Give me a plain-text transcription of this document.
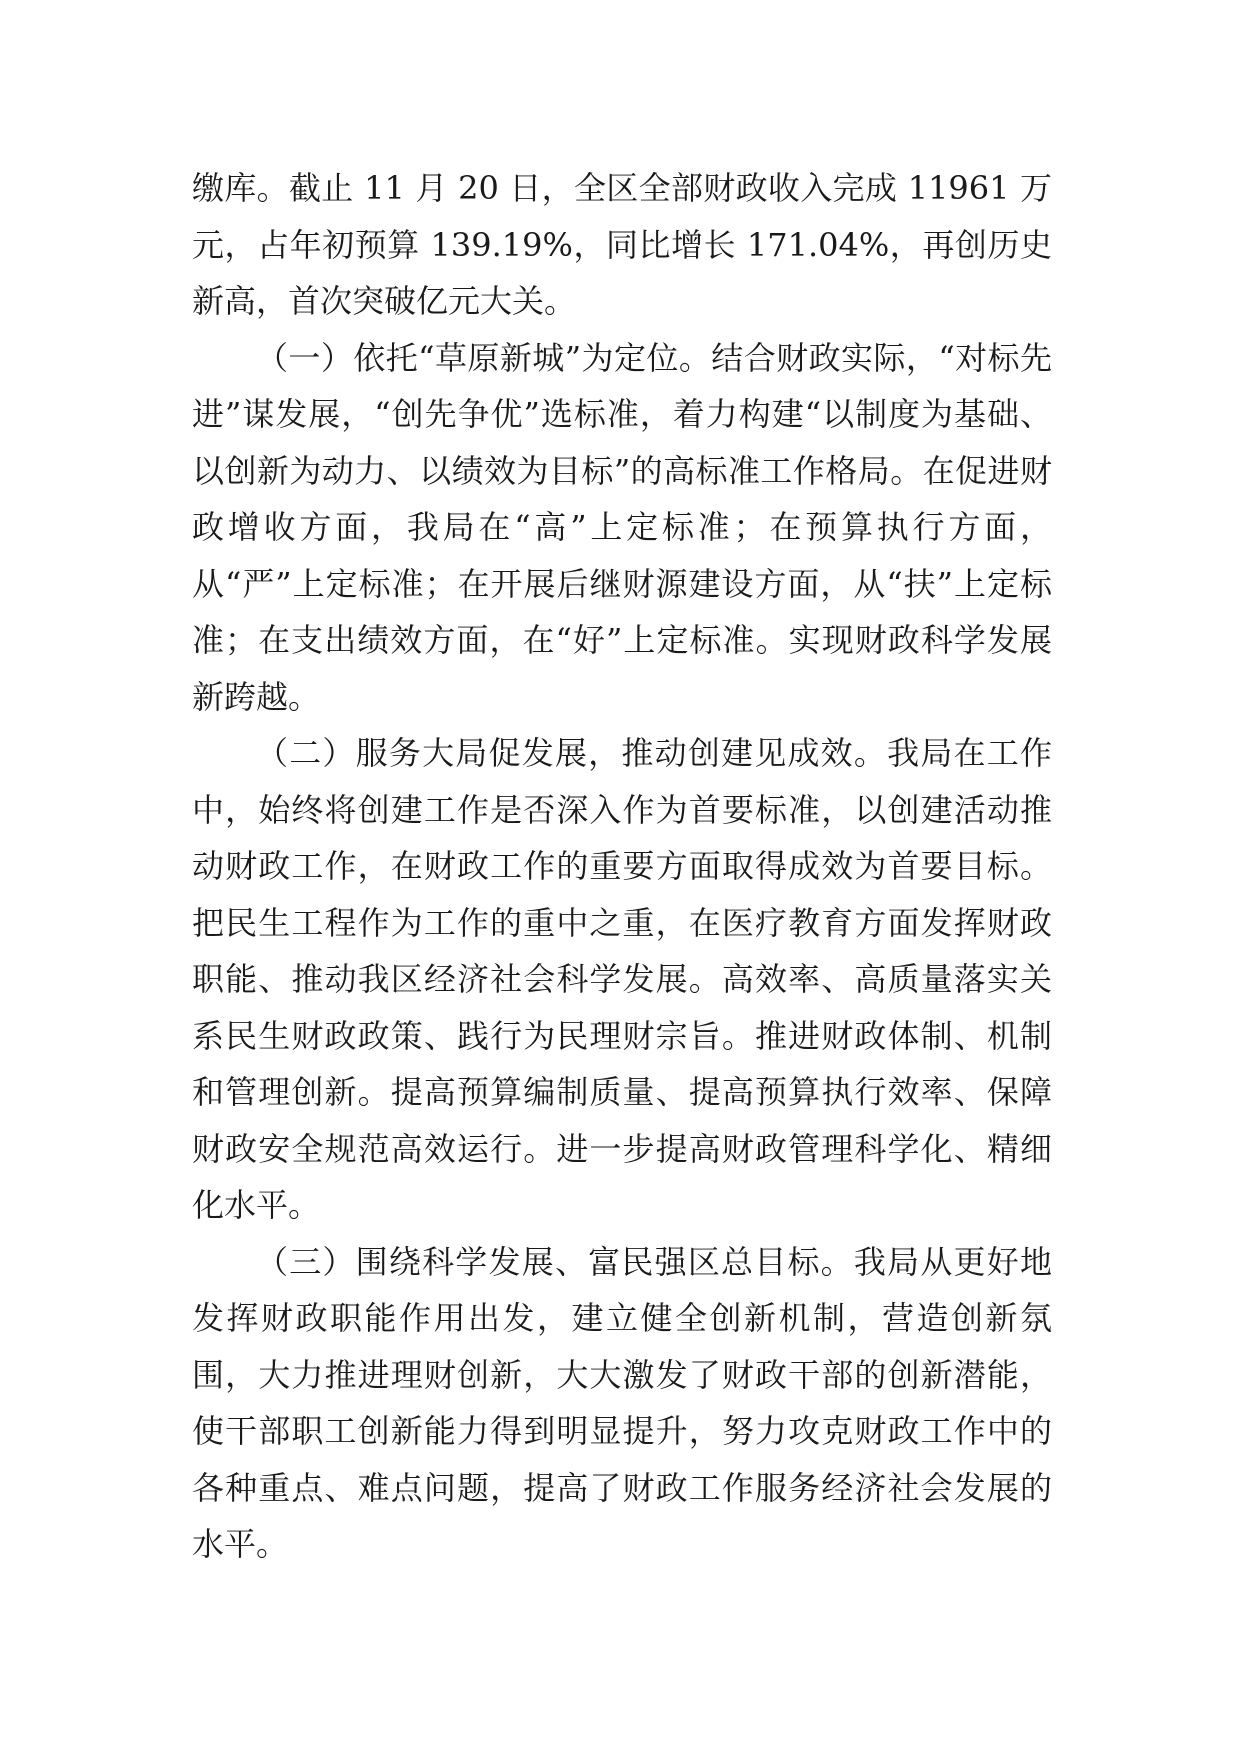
缴库。截止 11 月 20 日，全区全部财政收入完成 11961 万元，占年初预算 139.19%，同比增长 171.04%，再创历史新高，首次突破亿元大关。

（一）依托“草原新城”为定位。结合财政实际，“对标先进”谋发展，“创先争优”选标准，着力构建“以制度为基础、以创新为动力、以绩效为目标”的高标准工作格局。在促进财政增收方面，我局在“高”上定标准；在预算执行方面，从“严”上定标准；在开展后继财源建设方面，从“扶”上定标准；在支出绩效方面，在“好”上定标准。实现财政科学发展新跨越。

（二）服务大局促发展，推动创建见成效。我局在工作中，始终将创建工作是否深入作为首要标准，以创建活动推动财政工作，在财政工作的重要方面取得成效为首要目标。把民生工程作为工作的重中之重，在医疗教育方面发挥财政职能、推动我区经济社会科学发展。高效率、高质量落实关系民生财政政策、践行为民理财宗旨。推进财政体制、机制和管理创新。提高预算编制质量、提高预算执行效率、保障财政安全规范高效运行。进一步提高财政管理科学化、精细化水平。

（三）围绕科学发展、富民强区总目标。我局从更好地发挥财政职能作用出发，建立健全创新机制，营造创新氛围，大力推进理财创新，大大激发了财政干部的创新潜能，使干部职工创新能力得到明显提升，努力攻克财政工作中的各种重点、难点问题，提高了财政工作服务经济社会发展的水平。
